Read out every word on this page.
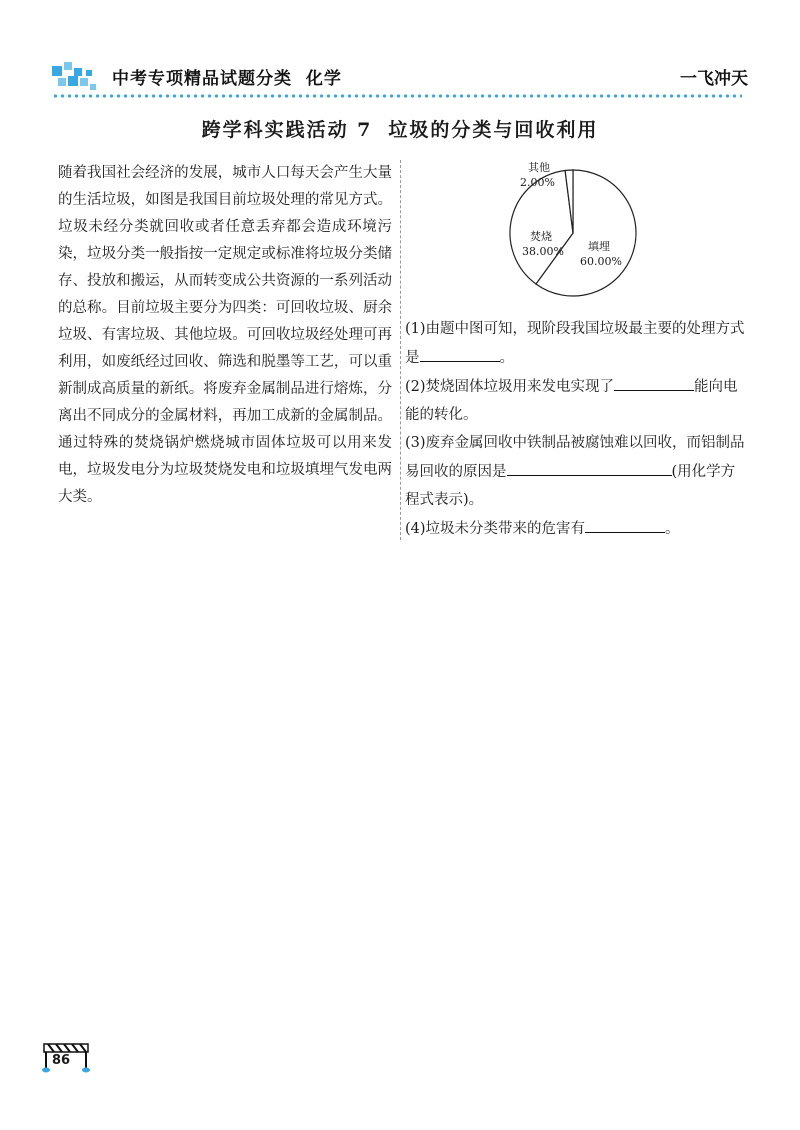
中考专项精品试题分类 化学	一飞冲天
跨学科实践活动 7 垃圾的分类与回收利用
随着我国社会经济的发展，城市人口每天会产生大量的生活垃圾，如图是我国目前垃圾处理的常见方式。垃圾未经分类就回收或者任意丢弃都会造成环境污染，垃圾分类一般指按一定规定或标准将垃圾分类储存、投放和搬运，从而转变成公共资源的一系列活动的总称。目前垃圾主要分为四类：可回收垃圾、厨余垃圾、有害垃圾、其他垃圾。可回收垃圾经处理可再利用，如废纸经过回收、筛选和脱墨等工艺，可以重新制成高质量的新纸。将废弃金属制品进行熔炼，分离出不同成分的金属材料，再加工成新的金属制品。通过特殊的焚烧锅炉燃烧城市固体垃圾可以用来发电，垃圾发电分为垃圾焚烧发电和垃圾填埋气发电两大类。
其他
2.00%
焚烧
38.00% 填埋
60.00%

(1)由题中图可知，现阶段我国垃圾最主要的处理方式是	。

(2)焚烧固体垃圾用来发电实现了	能向电能的转化。

(3)废弃金属回收中铁制品被腐蚀难以回收，而铝制品易回收的原因是	(用化学方程式表示)。

(4)垃圾未分类带来的危害有	。

86
